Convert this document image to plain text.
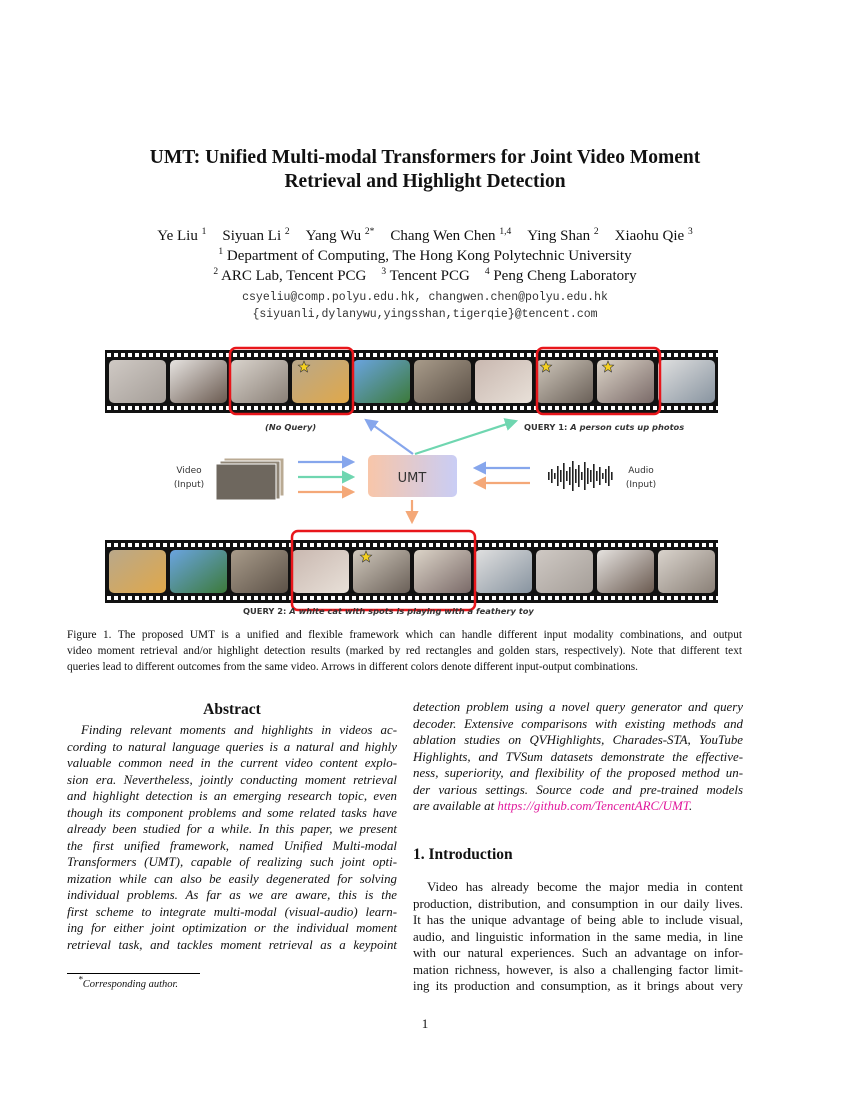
UMT: Unified Multi-modal Transformers for Joint Video Moment
Retrieval and Highlight Detection
Ye Liu $^1$ Siyuan Li $^2$ Yang Wu $^{2*}$ Chang Wen Chen $^{1,4}$ Ying Shan $^2$ Xiaohu Qie $^3$
$^1$ Department of Computing, The Hong Kong Polytechnic University
$^2$ ARC Lab, Tencent PCG $^3$ Tencent PCG $^4$ Peng Cheng Laboratory
csyeliu@comp.polyu.edu.hk, changwen.chen@polyu.edu.hk
{siyuanli,dylanywu,yingsshan,tigerqie}@tencent.com
UMT
Video
(Input)
Audio
(Input)
(No Query)	QUERY 1: A person cuts up photos
QUERY 2: A white cat with spots is playing with a feathery toy
Figure 1. The proposed UMT is a unified and flexible framework which can handle different input modality combinations, and output
video moment retrieval and/or highlight detection results (marked by red rectangles and golden stars, respectively). Note that different text
queries lead to different outcomes from the same video. Arrows in different colors denote different input-output combinations.
Abstract
Finding relevant moments and highlights in videos ac-
cording to natural language queries is a natural and highly
valuable common need in the current video content explo-
sion era. Nevertheless, jointly conducting moment retrieval
and highlight detection is an emerging research topic, even
though its component problems and some related tasks have
already been studied for a while. In this paper, we present
the first unified framework, named Unified Multi-modal
Transformers (UMT), capable of realizing such joint opti-
mization while can also be easily degenerated for solving
individual problems. As far as we are aware, this is the
first scheme to integrate multi-modal (visual-audio) learn-
ing for either joint optimization or the individual moment
retrieval task, and tackles moment retrieval as a keypoint
*Corresponding author.
detection problem using a novel query generator and query
decoder. Extensive comparisons with existing methods and
ablation studies on QVHighlights, Charades-STA, YouTube
Highlights, and TVSum datasets demonstrate the effective-
ness, superiority, and flexibility of the proposed method un-
der various settings. Source code and pre-trained models
are available at https://github.com/TencentARC/UMT.
1. Introduction
Video has already become the major media in content
production, distribution, and consumption in our daily lives.
It has the unique advantage of being able to include visual,
audio, and linguistic information in the same media, in line
with our natural experiences. Such an advantage on infor-
mation richness, however, is also a challenging factor limit-
ing its production and consumption, as it brings about very
1
